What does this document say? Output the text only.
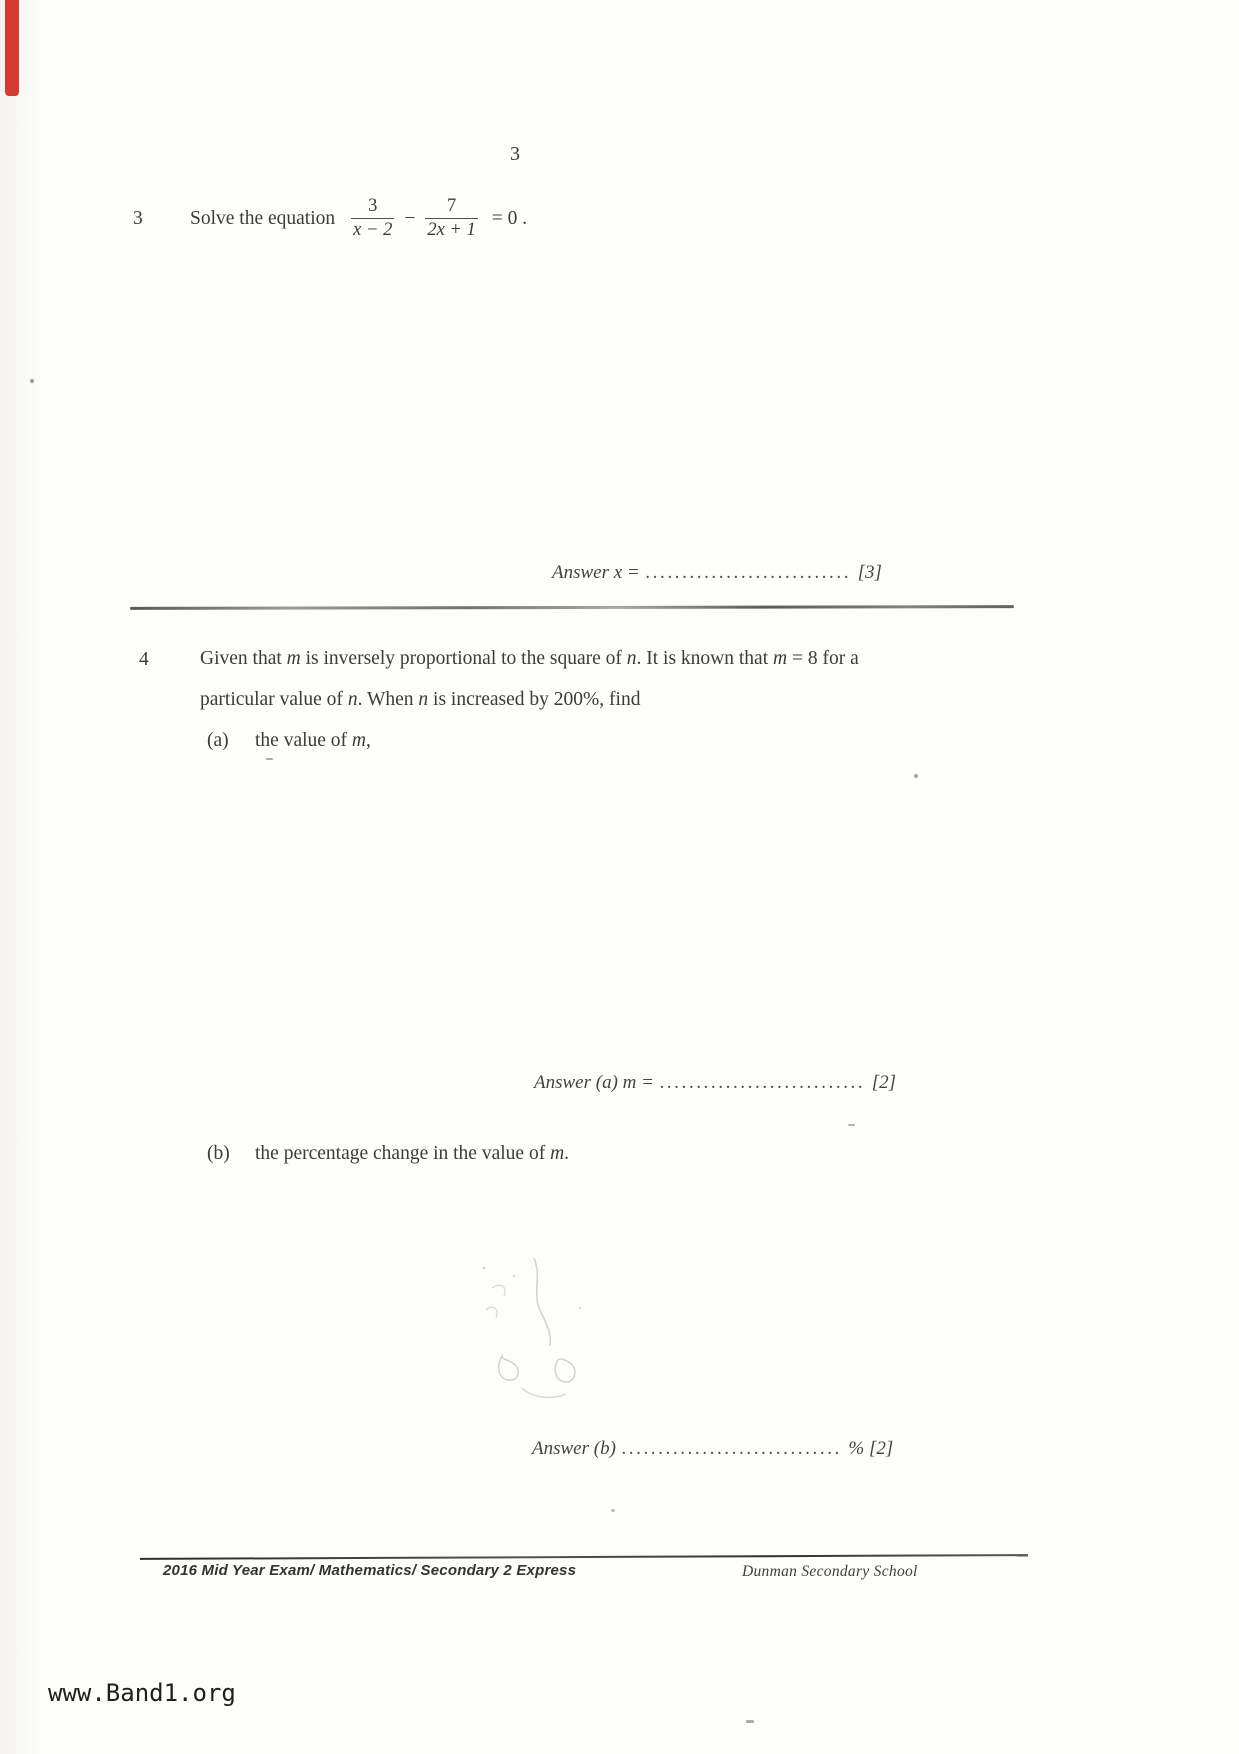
3
3	Solve the equation $\frac{3}{x - 2} - \frac{7}{2x + 1} = 0$ .
Answer x = ............................ [3]
4	Given that m is inversely proportional to the square of n. It is known that m = 8 for a
particular value of n. When n is increased by 200%, find
(a) the value of m,
Answer (a) m = ............................ [2]
(b) the percentage change in the value of m.
Answer (b) .............................. % [2]
2016 Mid Year Exam/ Mathematics/ Secondary 2 Express	Dunman Secondary School
www.Band1.org
